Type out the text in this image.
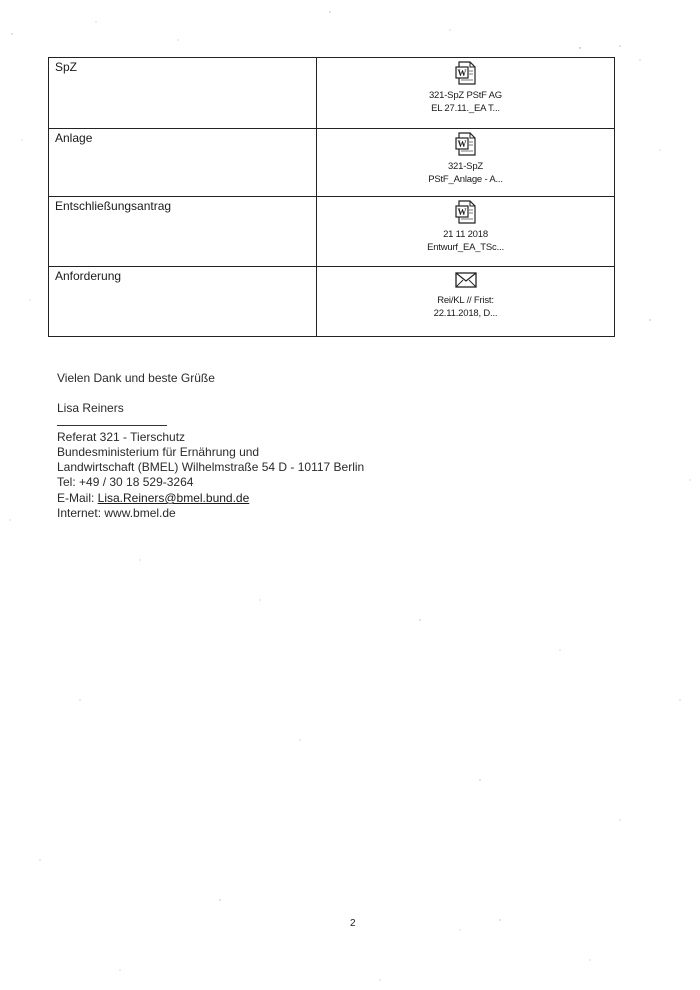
SpZ	W
321-SpZ PStF AG
EL 27.11._EA T...

Anlage	W
321-SpZ
PStF_Anlage - A...

Entschließungsantrag	W
21 11 2018
Entwurf_EA_TSc...

Anforderung	Rei/KL // Frist:
22.11.2018, D...
Vielen Dank und beste Grüße
Lisa Reiners
Referat 321 - Tierschutz
Bundesministerium für Ernährung und
Landwirtschaft (BMEL) Wilhelmstraße 54 D - 10117 Berlin
Tel: +49 / 30 18 529-3264
E-Mail: Lisa.Reiners@bmel.bund.de
Internet: www.bmel.de
2
